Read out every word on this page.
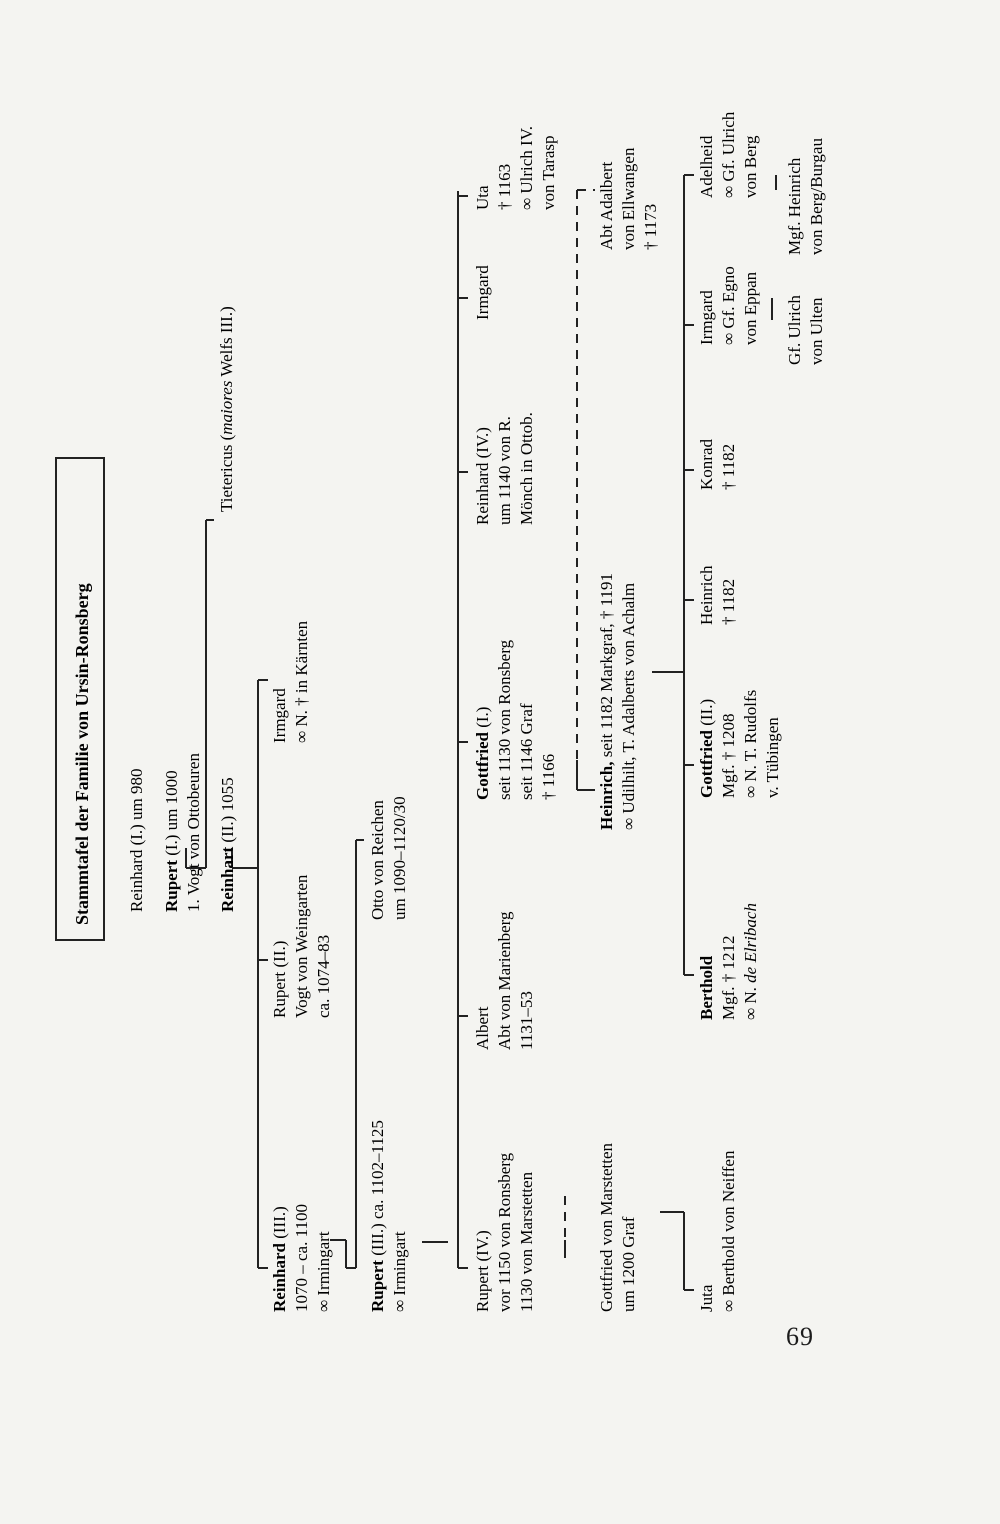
Stammtafel der Familie von Ursin-Ronsberg Reinhard (I.) um 980 Rupert (I.) um 1000 1. Vogt von Ottobeuren Reinhart (II.) 1055
Tietericus (maiores Welfs III.)
Reinhard (III.) 1070 – ca. 1100 ∞ Irmingart
Rupert (II.) Vogt von Weingarten ca. 1074–83
Irmgard ∞ N. † in Kärnten
Rupert (III.) ca. 1102–1125
∞ Irmingart
Otto von Reichen um 1090–1120/30
Rupert (IV.) vor 1150 von Ronsberg 1130 von Marstetten
Albert Abt von Marienberg 1131–53
Gottfried (I.) seit 1130 von Ronsberg seit 1146 Graf † 1166
Reinhard (IV.) um 1140 von R. Mönch in Ottob.
Irmgard
Uta † 1163 ∞ Ulrich IV. von Tarasp
Gottfried von Marstetten um 1200 Graf
Heinrich, seit 1182 Markgraf, † 1191 ∞ Udilhilt, T. Adalberts von Achalm
Abt Adalbert von Ellwangen † 1173
Juta ∞ Berthold von Neiffen
Berthold Mgf. † 1212 ∞ N. de Elribach
Gottfried (II.) Mgf. † 1208 ∞ N. T. Rudolfs v. Tübingen
Heinrich † 1182
Konrad † 1182
Irmgard ∞ Gf. Egno von Eppan
Adelheid ∞ Gf. Ulrich von Berg
Gf. Ulrich von Ulten
Mgf. Heinrich von Berg/Burgau
69
